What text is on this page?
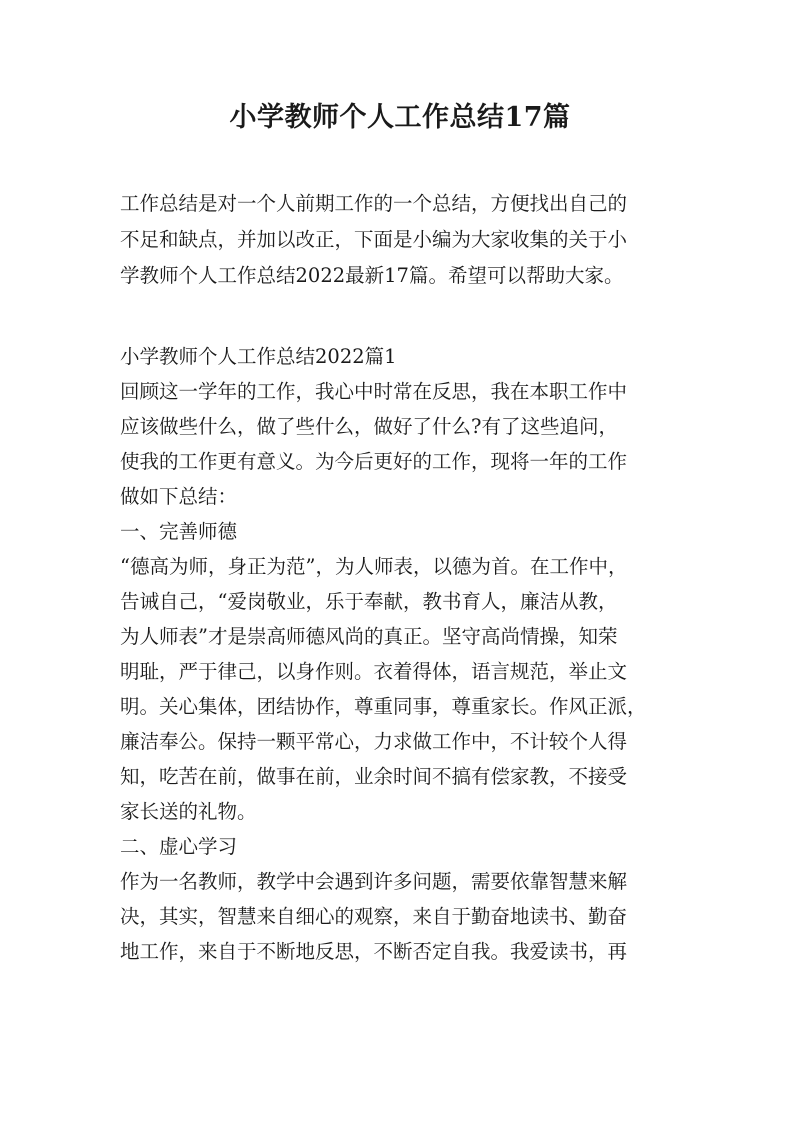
小学教师个人工作总结17篇
工作总结是对一个人前期工作的一个总结，方便找出自己的
不足和缺点，并加以改正，下面是小编为大家收集的关于小
学教师个人工作总结2022最新17篇。希望可以帮助大家。
小学教师个人工作总结2022篇1
回顾这一学年的工作，我心中时常在反思，我在本职工作中
应该做些什么，做了些什么，做好了什么?有了这些追问，
使我的工作更有意义。为今后更好的工作，现将一年的工作
做如下总结：
一、完善师德
“德高为师，身正为范”，为人师表，以德为首。在工作中，
告诫自己，“爱岗敬业，乐于奉献，教书育人，廉洁从教，
为人师表”才是崇高师德风尚的真正。坚守高尚情操，知荣
明耻，严于律己，以身作则。衣着得体，语言规范，举止文
明。关心集体，团结协作，尊重同事，尊重家长。作风正派，
廉洁奉公。保持一颗平常心，力求做工作中，不计较个人得
知，吃苦在前，做事在前，业余时间不搞有偿家教，不接受
家长送的礼物。
二、虚心学习
作为一名教师，教学中会遇到许多问题，需要依靠智慧来解
决，其实，智慧来自细心的观察，来自于勤奋地读书、勤奋
地工作，来自于不断地反思，不断否定自我。我爱读书，再
